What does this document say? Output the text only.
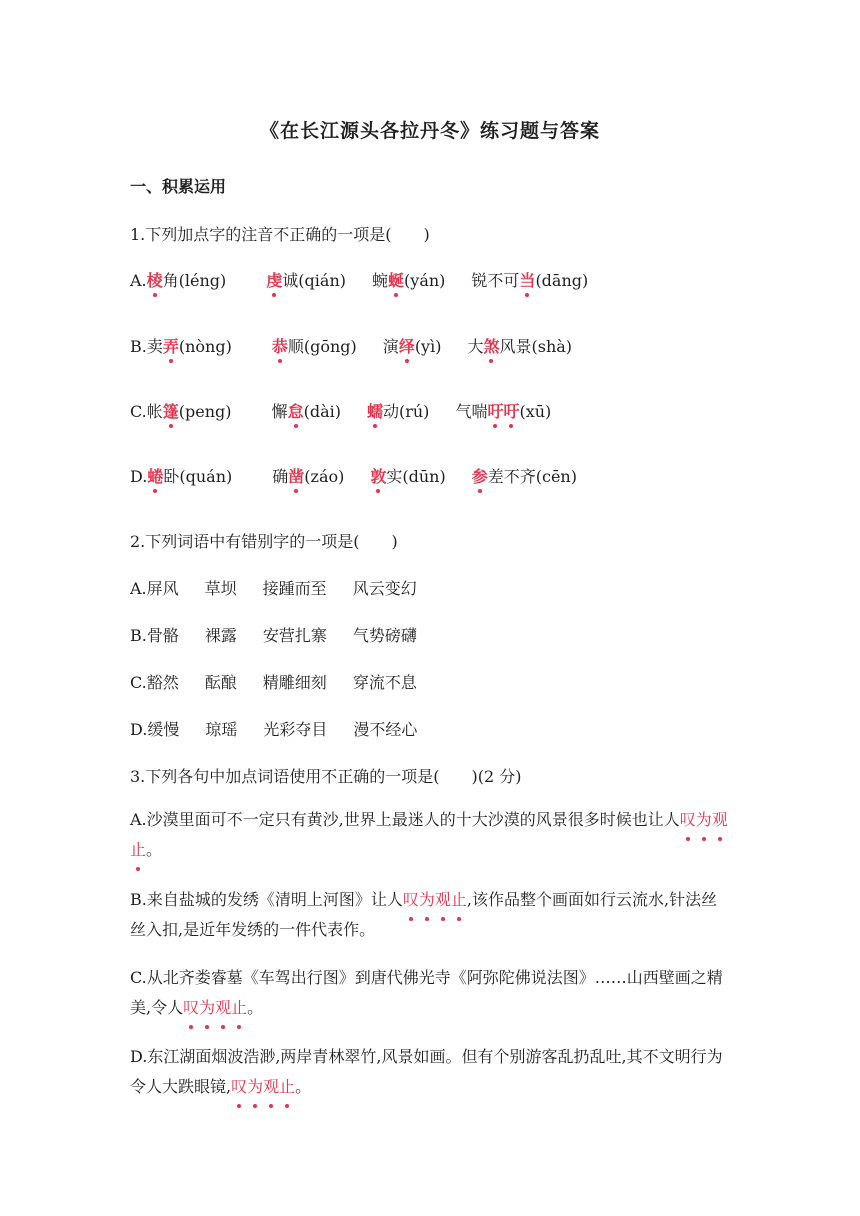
《在长江源头各拉丹冬》练习题与答案
一、积累运用
1.下列加点字的注音不正确的一项是(　　)
A.棱角(léng)	虔诚(qián) 蜿蜒(yán) 锐不可当(dāng)
B.卖弄(nòng)	恭顺(gōng) 演绎(yì) 大煞风景(shà)
C.帐篷(peng)	懈怠(dài) 蠕动(rú) 气喘吁吁(xū)
D.蜷卧(quán)	确凿(záo) 敦实(dūn) 参差不齐(cēn)
2.下列词语中有错别字的一项是(　　)
A.屏风 草坝 接踵而至 风云变幻
B.骨骼 裸露 安营扎寨 气势磅礴
C.豁然 酝酿 精雕细刻 穿流不息
D.缓慢 琼瑶 光彩夺目 漫不经心
3.下列各句中加点词语使用不正确的一项是(　　)(2 分)
A.沙漠里面可不一定只有黄沙,世界上最迷人的十大沙漠的风景很多时候也让人叹为观止。
B.来自盐城的发绣《清明上河图》让人叹为观止,该作品整个画面如行云流水,针法丝丝入扣,是近年发绣的一件代表作。
C.从北齐娄睿墓《车驾出行图》到唐代佛光寺《阿弥陀佛说法图》……山西壁画之精美,令人叹为观止。
D.东江湖面烟波浩渺,两岸青林翠竹,风景如画。但有个别游客乱扔乱吐,其不文明行为令人大跌眼镜,叹为观止。
